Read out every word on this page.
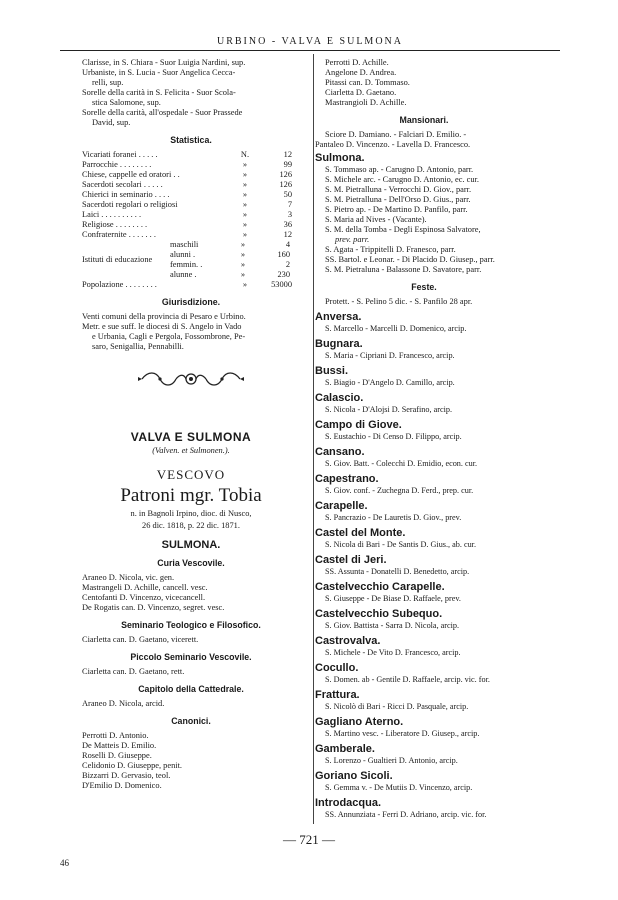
URBINO - VALVA E SULMONA
Clarisse, in S. Chiara - Suor Luigia Nardini, sup.
Urbaniste, in S. Lucia - Suor Angelica Cecca-
relli, sup.
Sorelle della carità in S. Felicita - Suor Scola-
stica Salomone, sup.
Sorelle della carità, all'ospedale - Suor Prassede
David, sup.
Statistica.
Vicariati foranei . . . . .	N.	12
Parrocchie . . . . . . . .	»	99
Chiese, cappelle ed oratori . .	»	126
Sacerdoti secolari . . . . .	»	126
Chierici in seminario . . . .	»	50
Sacerdoti regolari o religiosi	»	7
Laici . . . . . . . . . .	»	3
Religiose . . . . . . . .	»	36
Confraternite . . . . . . .	»	12
Istituti di educazione
maschili	»	4
alunni .	»	160
femmin. .	»	2
alunne .	»	230
Popolazione . . . . . . . .	»	53000
Giurisdizione.
Venti comuni della provincia di Pesaro e Urbino.
Metr. e sue suff. le diocesi di S. Angelo in Vado
e Urbania, Cagli e Pergola, Fossombrone, Pe-
saro, Senigallia, Pennabilli.
VALVA E SULMONA
(Valven. et Sulmonen.).
VESCOVO
Patroni mgr. Tobia
n. in Bagnoli Irpino, dioc. di Nusco,
26 dic. 1818, p. 22 dic. 1871.
SULMONA.
Curia Vescovile.
Araneo D. Nicola, vic. gen.
Mastrangeli D. Achille, cancell. vesc.
Centofanti D. Vincenzo, vicecancell.
De Rogatis can. D. Vincenzo, segret. vesc.
Seminario Teologico e Filosofico.
Ciarletta can. D. Gaetano, vicerett.
Piccolo Seminario Vescovile.
Ciarletta can. D. Gaetano, rett.
Capitolo della Cattedrale.
Araneo D. Nicola, arcid.
Canonici.
Perrotti D. Antonio.
De Matteis D. Emilio.
Roselli D. Giuseppe.
Celidonio D. Giuseppe, penit.
Bizzarri D. Gervasio, teol.
D'Emilio D. Domenico.
Perrotti D. Achille.
Angelone D. Andrea.
Pitassi can. D. Tommaso.
Ciarletta D. Gaetano.
Mastrangioli D. Achille.
Mansionari.
Sciore D. Damiano. - Falciari D. Emilio. -
Pantaleo D. Vincenzo. - Lavella D. Francesco.
Sulmona.
S. Tommaso ap. - Carugno D. Antonio, parr.
S. Michele arc. - Carugno D. Antonio, ec. cur.
S. M. Pietralluna - Verrocchi D. Giov., parr.
S. M. Pietralluna - Dell'Orso D. Gius., parr.
S. Pietro ap. - De Martino D. Panfilo, parr.
S. Maria ad Nives - (Vacante).
S. M. della Tomba - Degli Espinosa Salvatore,
prev. parr.
S. Agata - Trippitelli D. Franesco, parr.
SS. Bartol. e Leonar. - Di Placido D. Giusep., parr.
S. M. Pietraluna - Balassone D. Savatore, parr.
Feste.
Protett. - S. Pelino 5 dic. - S. Panfilo 28 apr.
Anversa.
S. Marcello - Marcelli D. Domenico, arcip.
Bugnara.
S. Maria - Cipriani D. Francesco, arcip.
Bussi.
S. Biagio - D'Angelo D. Camillo, arcip.
Calascio.
S. Nicola - D'Alojsi D. Serafino, arcip.
Campo di Giove.
S. Eustachio - Di Censo D. Filippo, arcip.
Cansano.
S. Giov. Batt. - Colecchi D. Emidio, econ. cur.
Capestrano.
S. Giov. conf. - Zuchegna D. Ferd., prep. cur.
Carapelle.
S. Pancrazio - De Lauretis D. Giov., prev.
Castel del Monte.
S. Nicola di Bari - De Santis D. Gius., ab. cur.
Castel di Jeri.
SS. Assunta - Donatelli D. Benedetto, arcip.
Castelvecchio Carapelle.
S. Giuseppe - De Biase D. Raffaele, prev.
Castelvecchio Subequo.
S. Giov. Battista - Sarra D. Nicola, arcip.
Castrovalva.
S. Michele - De Vito D. Francesco, arcip.
Cocullo.
S. Domen. ab - Gentile D. Raffaele, arcip. vic. for.
Frattura.
S. Nicolò di Bari - Ricci D. Pasquale, arcip.
Gagliano Aterno.
S. Martino vesc. - Liberatore D. Giusep., arcip.
Gamberale.
S. Lorenzo - Gualtieri D. Antonio, arcip.
Goriano Sicoli.
S. Gemma v. - De Mutiis D. Vincenzo, arcip.
Introdacqua.
SS. Annunziata - Ferri D. Adriano, arcip. vic. for.
— 721 —
46
